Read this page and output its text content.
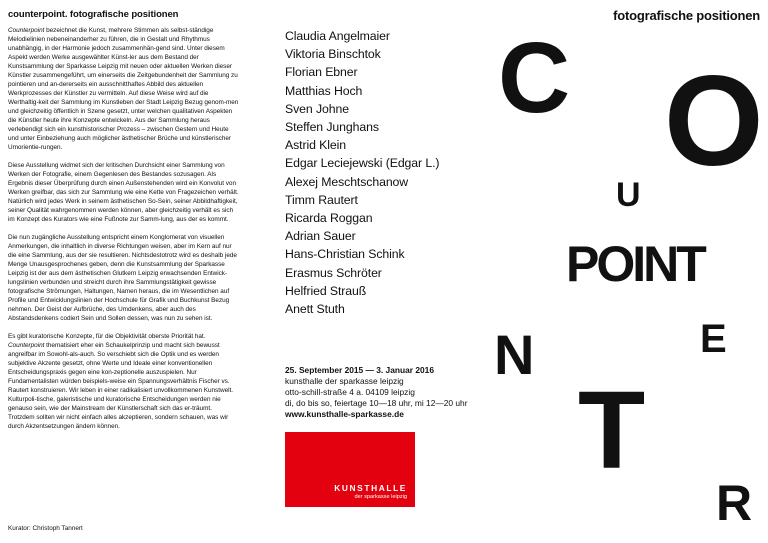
counterpoint. fotografische positionen

Counterpoint bezeichnet die Kunst, mehrere Stimmen als selbst-ständige Melodielinien nebeneinanderher zu führen, die in Gestalt und Rhythmus unabhängig, in der Harmonie jedoch zusammenhän-gend sind. Unter diesem Aspekt werden Werke ausgewählter Künst-ler aus dem Bestand der Kunstsammlung der Sparkasse Leipzig mit neuen oder aktuellen Werken dieser Künstler zusammengeführt, um einerseits die Zeitgebundenheit der Sammlung zu pointieren und an-dererseits ein ausschnitthaftes Abbild des aktuellen Werkprozesses der Künstler zu vermitteln. Auf diese Weise wird auf die Werthaltig-keit der Sammlung im Kunstleben der Stadt Leipzig Bezug genom-men und gleichzeitig öffentlich in Szene gesetzt, unter welchen qualitativen Aspekten die Künstler heute ihre Konzepte entwickeln. Aus der Sammlung heraus verlebendigt sich ein kunsthistorischer Prozess – zwischen Gestern und Heute und unter Einbeziehung auch möglicher ästhetischer Brüche und künstlerischer Umorientie-rungen.

Diese Ausstellung widmet sich der kritischen Durchsicht einer Sammlung von Werken der Fotografie, einem Gegenlesen des Bestandes sozusagen. Als Ergebnis dieser Überprüfung durch einen Außenstehenden wird ein Konvolut von Werken greifbar, das sich zur Sammlung wie eine Kette von Fragezeichen verhält. Natürlich wird jedes Werk in seinem ästhetischen So-Sein, seiner Abbildhaftigkeit, seiner Qualität wahrgenommen werden können, aber gleichzeitig verhält es sich im Konzept des Kurators wie eine Fußnote zur Samm-lung, aus der es kommt.

Die nun zugängliche Ausstellung entspricht einem Konglomerat von visuellen Anmerkungen, die inhaltlich in diverse Richtungen weisen, aber im Kern auf nur die eine Sammlung, aus der sie resultieren. Nichtsdestotrotz wird es deshalb jede Menge Unausgesprochenes geben, denn die Kunstsammlung der Sparkasse Leipzig ist der aus dem ästhetischen Glutkern Leipzig erwachsenden Entwick-lungslinien verbunden und streicht durch ihre Sammlungstätigkeit gewisse fotografische Strömungen, Haltungen, Namen heraus, die im Wesentlichen auf Profile und Entwicklungslinien der Hochschule für Grafik und Buchkunst Bezug nehmen. Der Geist der Aufbrüche, des Umdenkens, aber auch des Abstandsdenkens codiert Sein und Sollen dessen, was nun zu sehen ist.

Es gibt kuratorische Konzepte, für die Objektivität oberste Priorität hat. Counterpoint thematisiert eher ein Schaukelprinzip und macht sich bewusst angreifbar im Sowohl-als-auch. So verschiebt sich die Optik und es werden subjektive Akzente gesetzt, ohne Werte und Ideale einer konventionellen Entscheidungspraxis gegen eine kon-zeptionelle auszuspielen. Nur Fundamentalisten würden beispiels-weise ein Spannungsverhältnis Fischer vs. Rautert konstruieren. Wir leben in einer radikalisiert unvollkommenen Kunstwelt. Kulturpoli-tische, galeristische und kuratorische Entscheidungen werden nie genauso sein, wie der Mainstream der Künstlerschaft sich das er-träumt. Trotzdem sollten wir nicht einfach alles akzeptieren, sondern schauen, was wir durch Akzentsetzungen ändern können.

Kurator: Christoph Tannert
Claudia Angelmaier
Viktoria Binschtok
Florian Ebner
Matthias Hoch
Sven Johne
Steffen Junghans
Astrid Klein
Edgar Leciejewski (Edgar L.)
Alexej Meschtschanow
Timm Rautert
Ricarda Roggan
Adrian Sauer
Hans-Christian Schink
Erasmus Schröter
Helfried Strauß
Anett Stuth
25. September 2015 — 3. Januar 2016
kunsthalle der sparkasse leipzig
otto-schill-straße 4 a. 04109 leipzig
di, do bis so, feiertage 10—18 uhr, mi 12—20 uhr
www.kunsthalle-sparkasse.de
KUNSTHALLE
der sparkasse leipzig
fotografische positionen
C O
U
POINT
N	E
T
R
